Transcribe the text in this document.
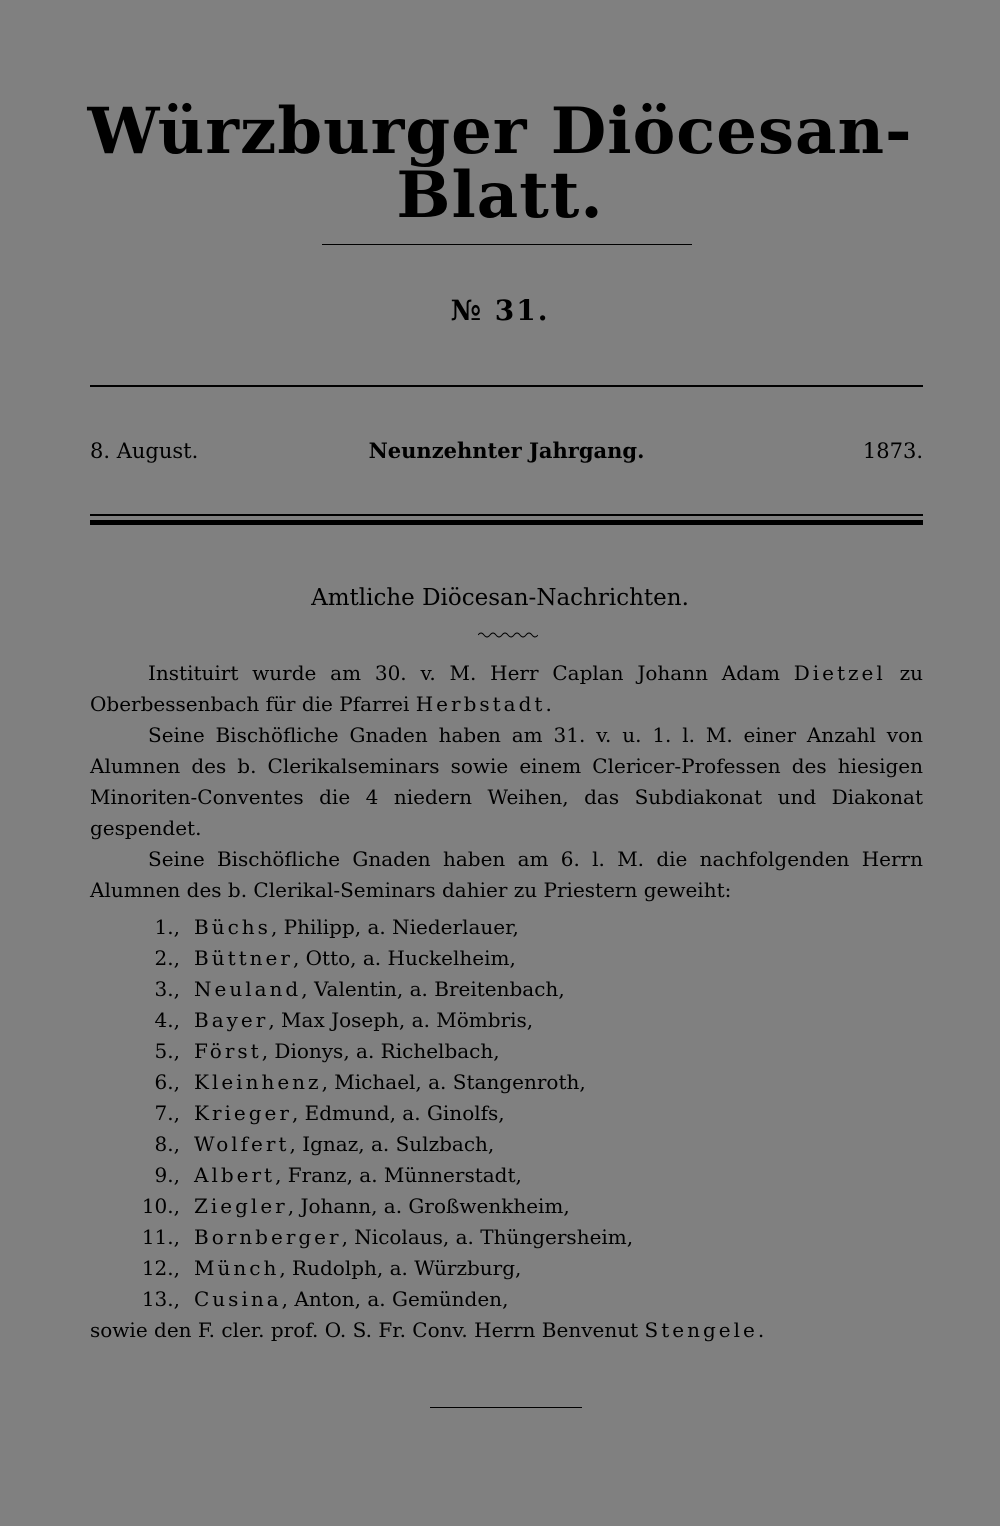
Würzburger Diöcesan-Blatt.
№ 31.
8. August.	Neunzehnter Jahrgang.	1873.
Amtliche Diöcesan-Nachrichten.

Instituirt wurde am 30. v. M. Herr Caplan Johann Adam Dietzel zu Oberbessenbach für die Pfarrei Herbstadt.

Seine Bischöfliche Gnaden haben am 31. v. u. 1. l. M. einer Anzahl von Alumnen des b. Clerikalseminars sowie einem Clericer-Professen des hiesigen Minoriten-Conventes die 4 niedern Weihen, das Subdiakonat und Diakonat gespendet.

Seine Bischöfliche Gnaden haben am 6. l. M. die nachfolgenden Herrn Alumnen des b. Clerikal-Seminars dahier zu Priestern geweiht:

1., Büchs , Philipp, a. Niederlauer,
2., Büttner , Otto, a. Huckelheim,
3., Neuland , Valentin, a. Breitenbach,
4., Bayer , Max Joseph, a. Mömbris,
5., Först , Dionys, a. Richelbach,
6., Kleinhenz , Michael, a. Stangenroth,
7., Krieger , Edmund, a. Ginolfs,
8., Wolfert , Ignaz, a. Sulzbach,
9., Albert , Franz, a. Münnerstadt,
10., Ziegler , Johann, a. Großwenkheim,
11., Bornberger , Nicolaus, a. Thüngersheim,
12., Münch , Rudolph, a. Würzburg,
13., Cusina , Anton, a. Gemünden,

sowie den F. cler. prof. O. S. Fr. Conv. Herrn Benvenut Stengele.
